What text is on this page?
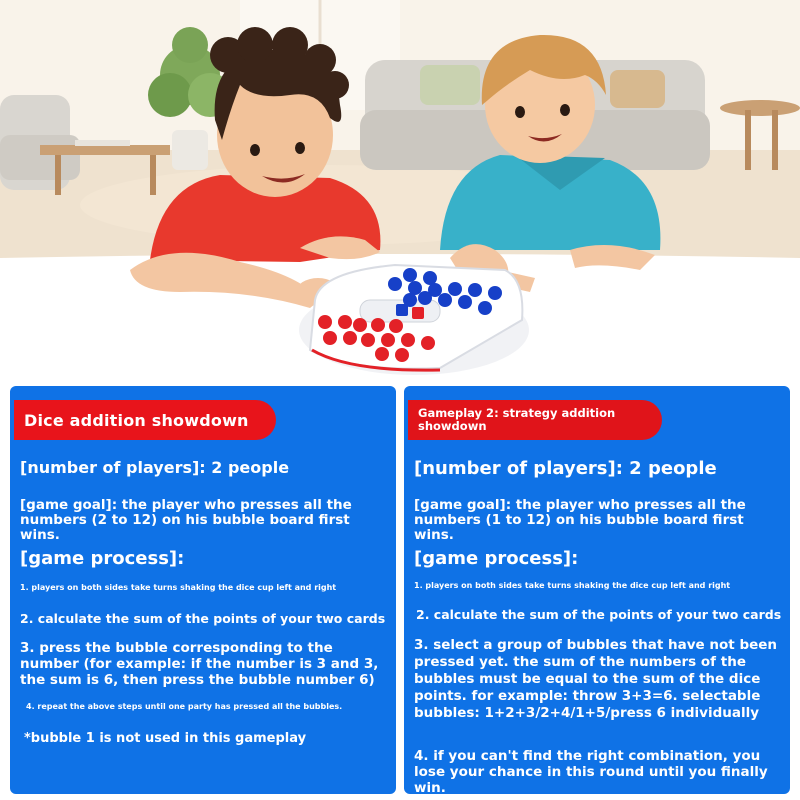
Dice addition showdown

[number of players]: 2 people

[game goal]: the player who presses all the numbers (2 to 12) on his bubble board first wins.

[game process]:

1. players on both sides take turns shaking the dice cup left and right

2. calculate the sum of the points of your two cards

3. press the bubble corresponding to the number (for example: if the number is 3 and 3, the sum is 6, then press the bubble number 6)

4. repeat the above steps until one party has pressed all the bubbles.

*bubble 1 is not used in this gameplay

Gameplay 2: strategy addition showdown

[number of players]: 2 people

[game goal]: the player who presses all the numbers (1 to 12) on his bubble board first wins.

[game process]:

1. players on both sides take turns shaking the dice cup left and right

2. calculate the sum of the points of your two cards

3. select a group of bubbles that have not been pressed yet. the sum of the numbers of the bubbles must be equal to the sum of the dice points. for example: throw 3+3=6. selectable bubbles: 1+2+3/2+4/1+5/press 6 individually

4. if you can't find the right combination, you lose your chance in this round until you finally win.
